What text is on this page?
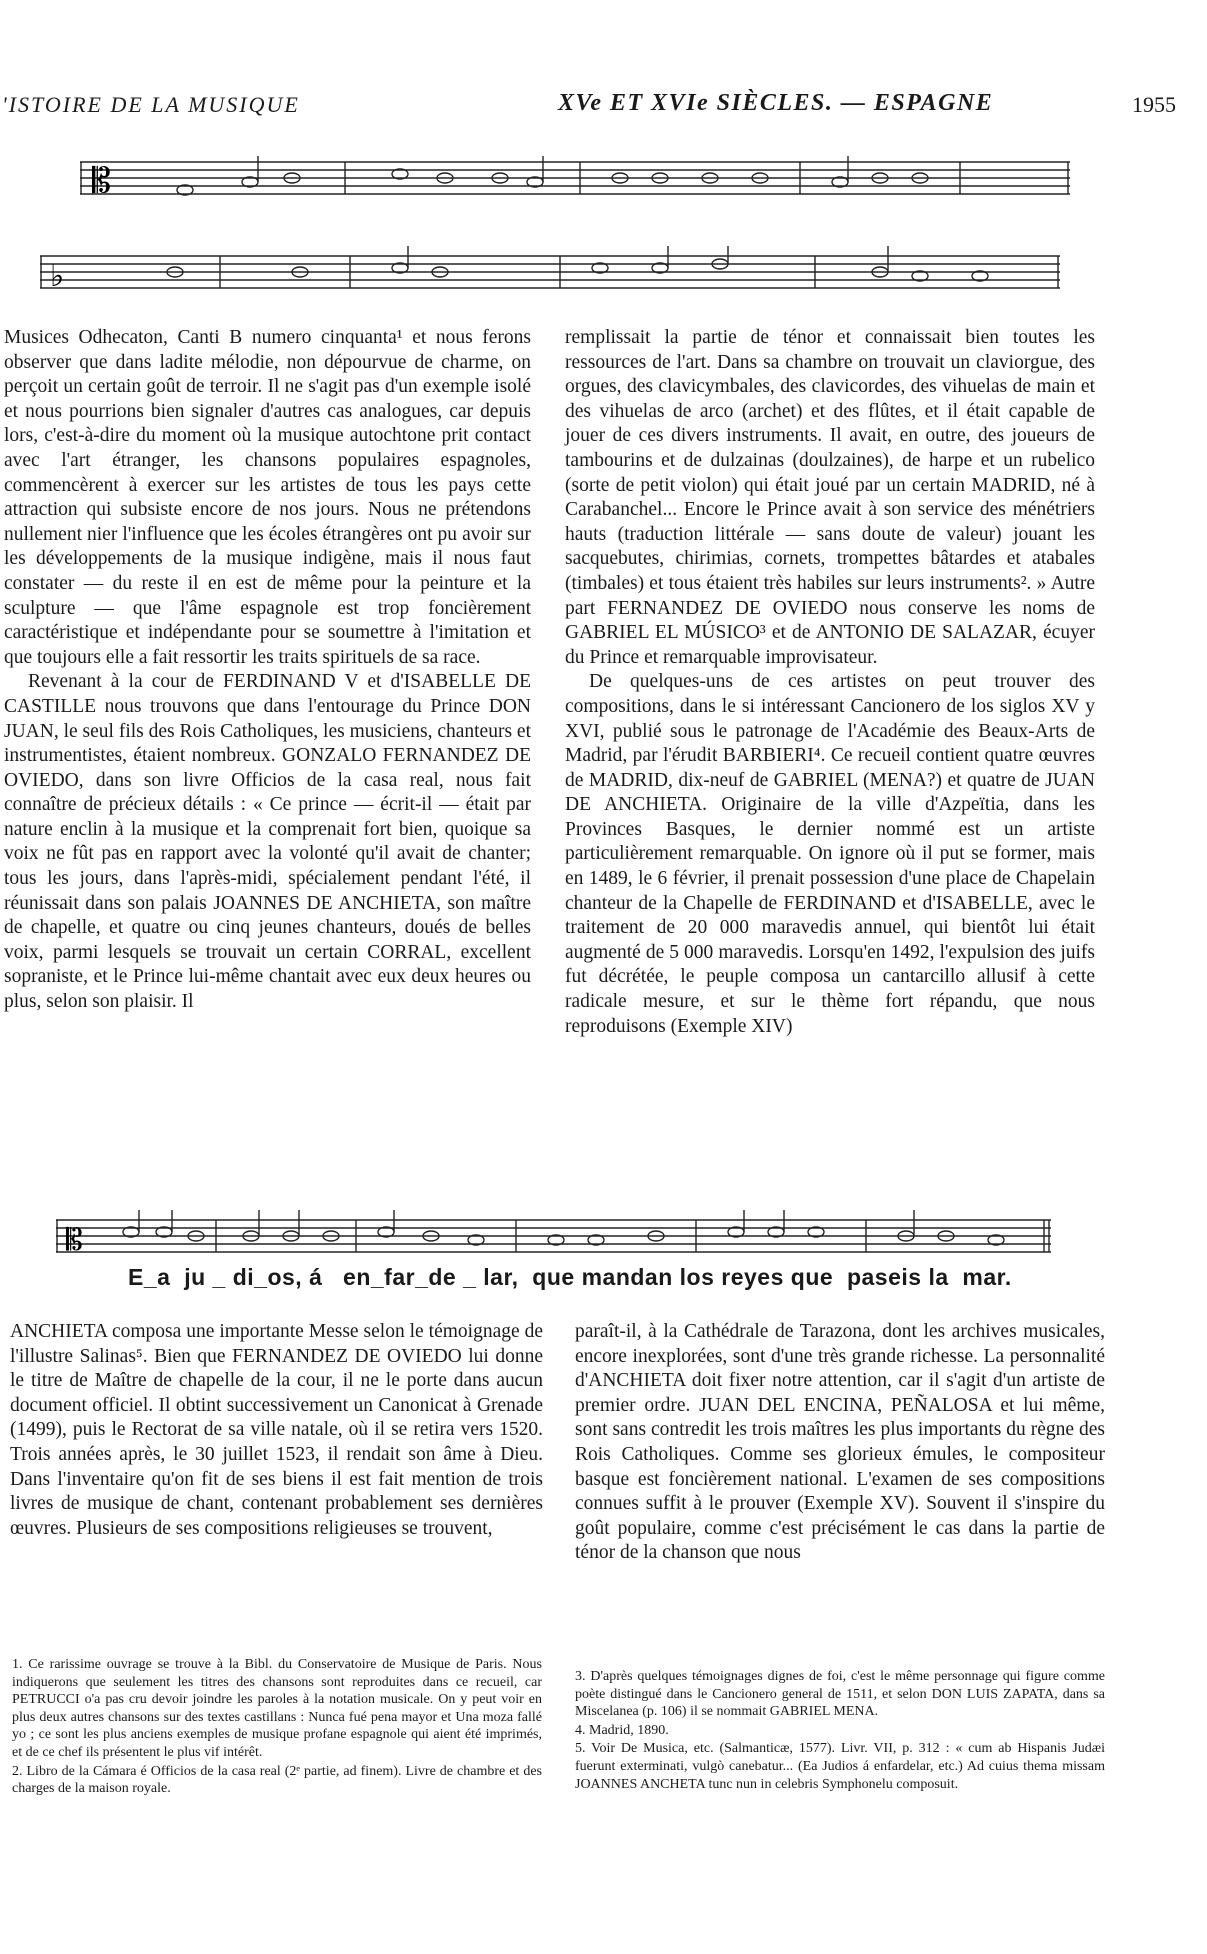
'ISTOIRE DE LA MUSIQUE	XVe ET XVIe SIÈCLES. — ESPAGNE	1955
𝄡
♭

Musices Odhecaton, Canti B numero cinquanta¹ et nous ferons observer que dans ladite mélodie, non dépourvue de charme, on perçoit un certain goût de terroir. Il ne s'agit pas d'un exemple isolé et nous pourrions bien signaler d'autres cas analogues, car depuis lors, c'est-à-dire du moment où la musique autochtone prit contact avec l'art étranger, les chansons populaires espagnoles, commencèrent à exercer sur les artistes de tous les pays cette attraction qui subsiste encore de nos jours. Nous ne prétendons nullement nier l'influence que les écoles étrangères ont pu avoir sur les développements de la musique indigène, mais il nous faut constater — du reste il en est de même pour la peinture et la sculpture — que l'âme espagnole est trop foncièrement caractéristique et indépendante pour se soumettre à l'imitation et que toujours elle a fait ressortir les traits spirituels de sa race.

Revenant à la cour de FERDINAND V et d'ISABELLE DE CASTILLE nous trouvons que dans l'entourage du Prince DON JUAN, le seul fils des Rois Catholiques, les musiciens, chanteurs et instrumentistes, étaient nombreux. GONZALO FERNANDEZ DE OVIEDO, dans son livre Officios de la casa real, nous fait connaître de précieux détails : « Ce prince — écrit-il — était par nature enclin à la musique et la comprenait fort bien, quoique sa voix ne fût pas en rapport avec la volonté qu'il avait de chanter; tous les jours, dans l'après-midi, spécialement pendant l'été, il réunissait dans son palais JOANNES DE ANCHIETA, son maître de chapelle, et quatre ou cinq jeunes chanteurs, doués de belles voix, parmi lesquels se trouvait un certain CORRAL, excellent sopraniste, et le Prince lui-même chantait avec eux deux heures ou plus, selon son plaisir. Il

remplissait la partie de ténor et connaissait bien toutes les ressources de l'art. Dans sa chambre on trouvait un claviorgue, des orgues, des clavicymbales, des clavicordes, des vihuelas de main et des vihuelas de arco (archet) et des flûtes, et il était capable de jouer de ces divers instruments. Il avait, en outre, des joueurs de tambourins et de dulzainas (doulzaines), de harpe et un rubelico (sorte de petit violon) qui était joué par un certain MADRID, né à Carabanchel... Encore le Prince avait à son service des ménétriers hauts (traduction littérale — sans doute de valeur) jouant les sacquebutes, chirimias, cornets, trompettes bâtardes et atabales (timbales) et tous étaient très habiles sur leurs instruments². » Autre part FERNANDEZ DE OVIEDO nous conserve les noms de GABRIEL EL MÚSICO³ et de ANTONIO DE SALAZAR, écuyer du Prince et remarquable improvisateur.

De quelques-uns de ces artistes on peut trouver des compositions, dans le si intéressant Cancionero de los siglos XV y XVI, publié sous le patronage de l'Académie des Beaux-Arts de Madrid, par l'érudit BARBIERI⁴. Ce recueil contient quatre œuvres de MADRID, dix-neuf de GABRIEL (MENA?) et quatre de JUAN DE ANCHIETA. Originaire de la ville d'Azpeïtia, dans les Provinces Basques, le dernier nommé est un artiste particulièrement remarquable. On ignore où il put se former, mais en 1489, le 6 février, il prenait possession d'une place de Chapelain chanteur de la Chapelle de FERDINAND et d'ISABELLE, avec le traitement de 20 000 maravedis annuel, qui bientôt lui était augmenté de 5 000 maravedis. Lorsqu'en 1492, l'expulsion des juifs fut décrétée, le peuple composa un cantarcillo allusif à cette radicale mesure, et sur le thème fort répandu, que nous reproduisons (Exemple XIV)

𝄡
E_a  ju _ di_os, á   en_far_de _ lar,  que mandan los reyes que  paseis la  mar.

ANCHIETA composa une importante Messe selon le témoignage de l'illustre Salinas⁵. Bien que FERNANDEZ DE OVIEDO lui donne le titre de Maître de chapelle de la cour, il ne le porte dans aucun document officiel. Il obtint successivement un Canonicat à Grenade (1499), puis le Rectorat de sa ville natale, où il se retira vers 1520. Trois années après, le 30 juillet 1523, il rendait son âme à Dieu. Dans l'inventaire qu'on fit de ses biens il est fait mention de trois livres de musique de chant, contenant probablement ses dernières œuvres. Plusieurs de ses compositions religieuses se trouvent,

paraît-il, à la Cathédrale de Tarazona, dont les archives musicales, encore inexplorées, sont d'une très grande richesse. La personnalité d'ANCHIETA doit fixer notre attention, car il s'agit d'un artiste de premier ordre. JUAN DEL ENCINA, PEÑALOSA et lui même, sont sans contredit les trois maîtres les plus importants du règne des Rois Catholiques. Comme ses glorieux émules, le compositeur basque est foncièrement national. L'examen de ses compositions connues suffit à le prouver (Exemple XV). Souvent il s'inspire du goût populaire, comme c'est précisément le cas dans la partie de ténor de la chanson que nous

1. Ce rarissime ouvrage se trouve à la Bibl. du Conservatoire de Musique de Paris. Nous indiquerons que seulement les titres des chansons sont reproduites dans ce recueil, car PETRUCCI o'a pas cru devoir joindre les paroles à la notation musicale. On y peut voir en plus deux autres chansons sur des textes castillans : Nunca fué pena mayor et Una moza fallé yo ; ce sont les plus anciens exemples de musique profane espagnole qui aient été imprimés, et de ce chef ils présentent le plus vif intérêt.

2. Libro de la Cámara é Officios de la casa real (2ᵉ partie, ad finem). Livre de chambre et des charges de la maison royale.

3. D'après quelques témoignages dignes de foi, c'est le même personnage qui figure comme poète distingué dans le Cancionero general de 1511, et selon DON LUIS ZAPATA, dans sa Miscelanea (p. 106) il se nommait GABRIEL MENA.

4. Madrid, 1890.

5. Voir De Musica, etc. (Salmanticæ, 1577). Livr. VII, p. 312 : « cum ab Hispanis Judæi fuerunt exterminati, vulgò canebatur... (Ea Judios á enfardelar, etc.) Ad cuius thema missam JOANNES ANCHETA tunc nun in celebris Symphonelu composuit.
